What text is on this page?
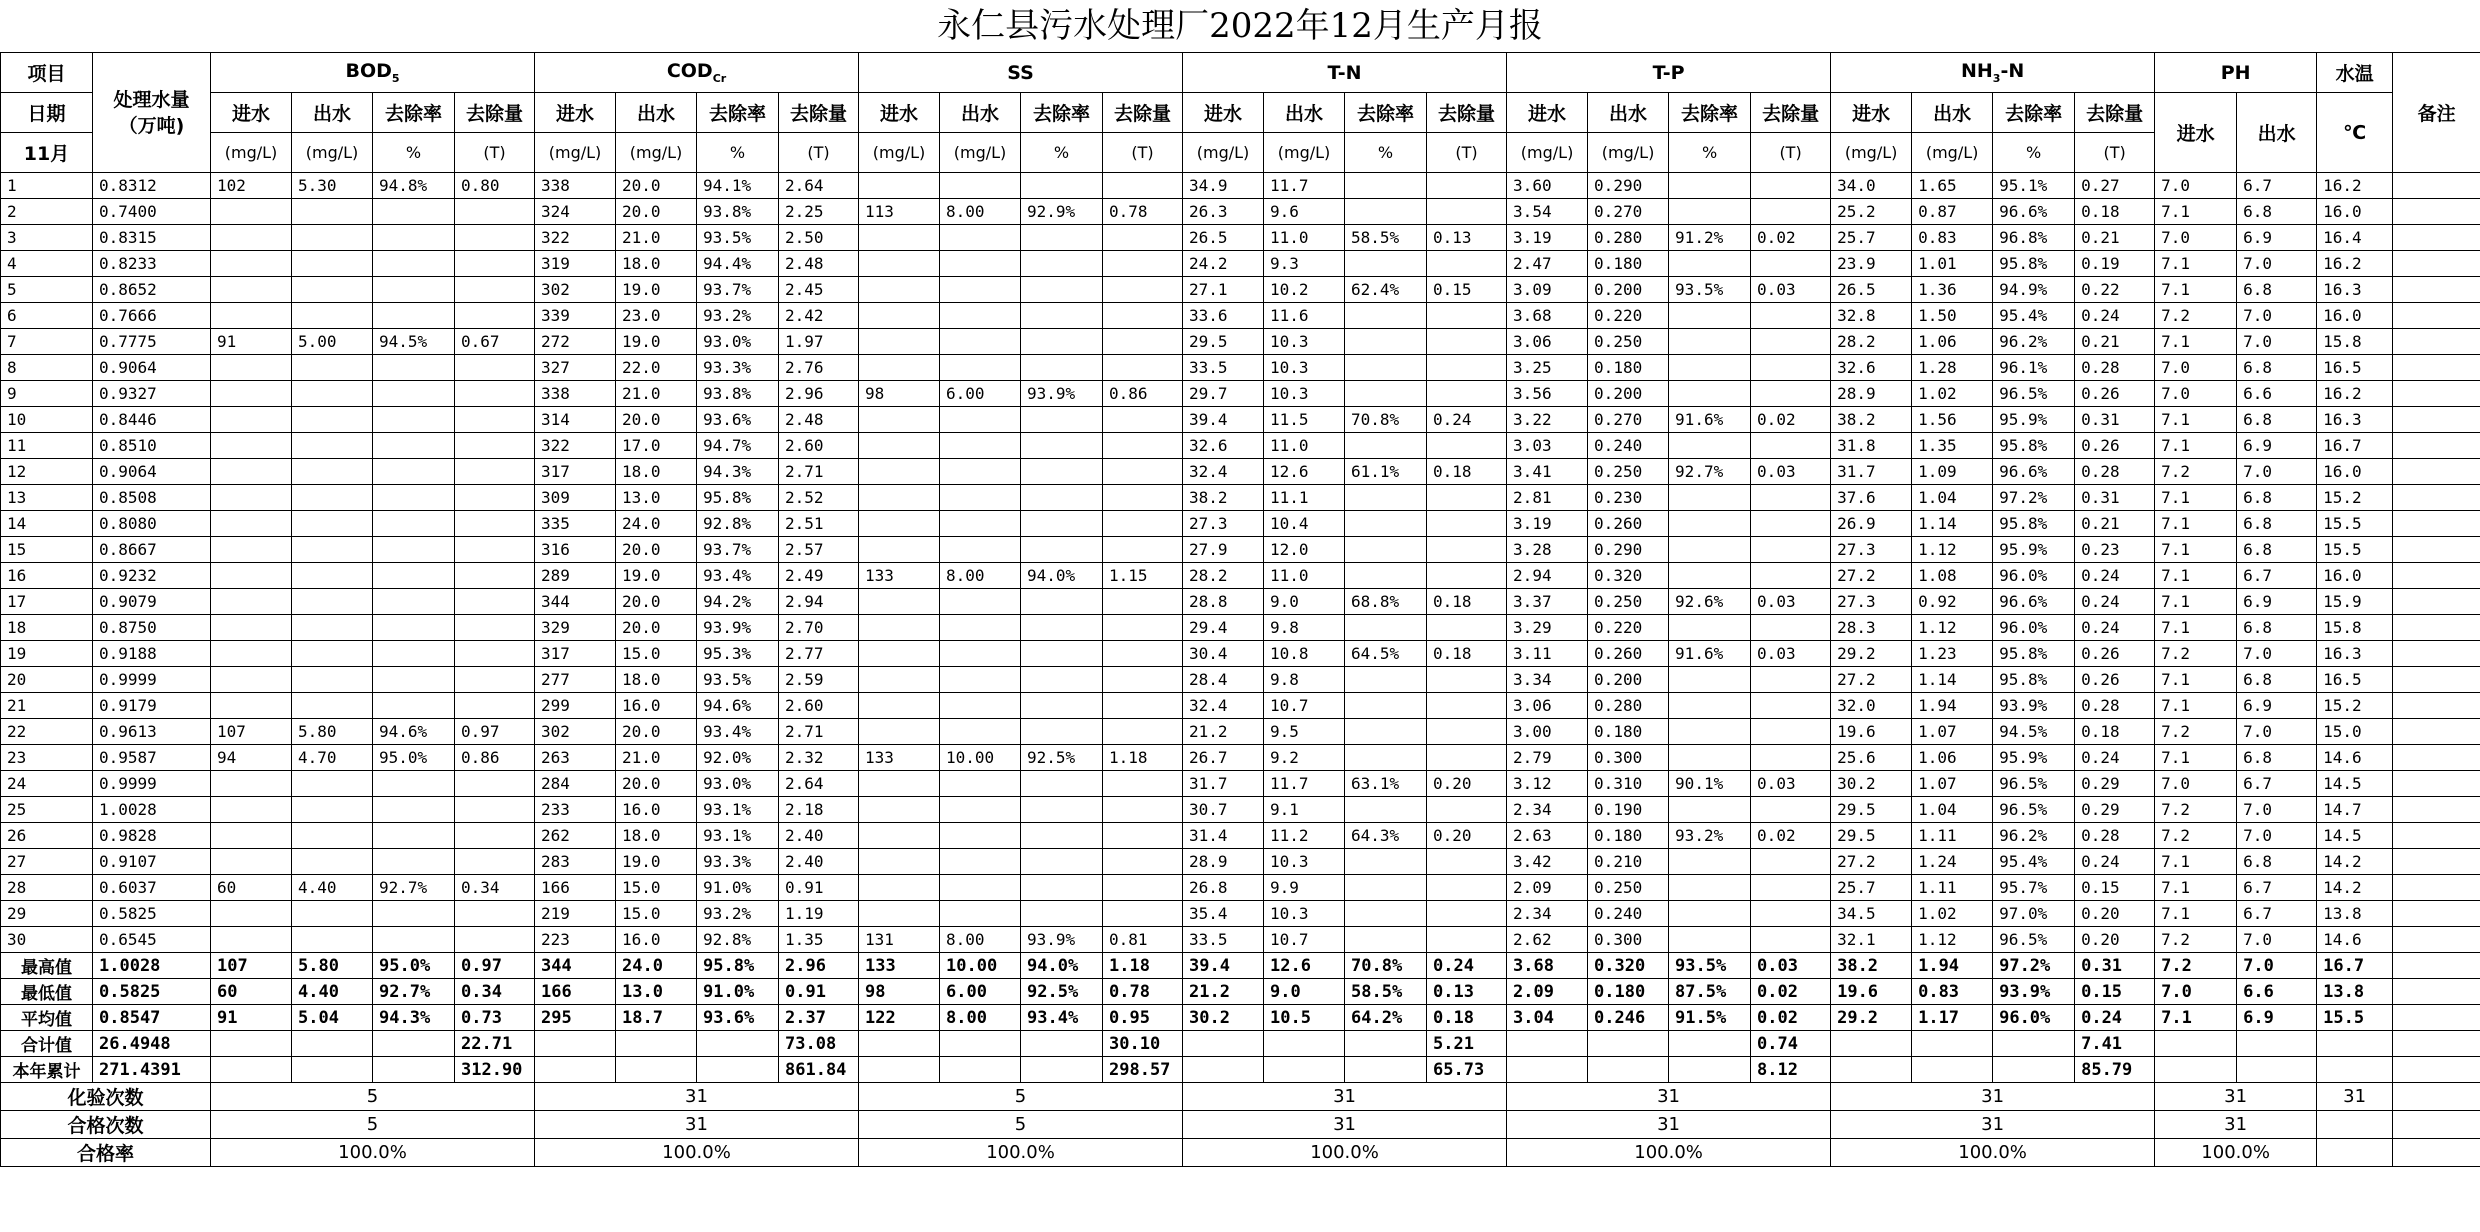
永仁县污水处理厂2022年12月生产月报
项目	处理水量（万吨)	$BOD_5$				$COD_{Cr}$				SS				T-N				T-P				$NH_3-N$				PH		水温	备注
日期		进水	出水	去除率	去除量	进水	出水	去除率	去除量	进水	出水	去除率	去除量	进水	出水	去除率	去除量	进水	出水	去除率	去除量	进水	出水	去除率	去除量	进水	出水	℃	
11月		(mg/L)	(mg/L)	%	(T)	(mg/L)	(mg/L)	%	(T)	(mg/L)	(mg/L)	%	(T)	(mg/L)	(mg/L)	%	(T)	(mg/L)	(mg/L)	%	(T)	(mg/L)	(mg/L)	%	(T)				
1	0.8312	102	5.30	94.8%	0.80	338	20.0	94.1%	2.64					34.9	11.7			3.60	0.290			34.0	1.65	95.1%	0.27	7.0	6.7	16.2	
2	0.7400					324	20.0	93.8%	2.25	113	8.00	92.9%	0.78	26.3	9.6			3.54	0.270			25.2	0.87	96.6%	0.18	7.1	6.8	16.0	
3	0.8315					322	21.0	93.5%	2.50					26.5	11.0	58.5%	0.13	3.19	0.280	91.2%	0.02	25.7	0.83	96.8%	0.21	7.0	6.9	16.4	
4	0.8233					319	18.0	94.4%	2.48					24.2	9.3			2.47	0.180			23.9	1.01	95.8%	0.19	7.1	7.0	16.2	
5	0.8652					302	19.0	93.7%	2.45					27.1	10.2	62.4%	0.15	3.09	0.200	93.5%	0.03	26.5	1.36	94.9%	0.22	7.1	6.8	16.3	
6	0.7666					339	23.0	93.2%	2.42					33.6	11.6			3.68	0.220			32.8	1.50	95.4%	0.24	7.2	7.0	16.0	
7	0.7775	91	5.00	94.5%	0.67	272	19.0	93.0%	1.97					29.5	10.3			3.06	0.250			28.2	1.06	96.2%	0.21	7.1	7.0	15.8	
8	0.9064					327	22.0	93.3%	2.76					33.5	10.3			3.25	0.180			32.6	1.28	96.1%	0.28	7.0	6.8	16.5	
9	0.9327					338	21.0	93.8%	2.96	98	6.00	93.9%	0.86	29.7	10.3			3.56	0.200			28.9	1.02	96.5%	0.26	7.0	6.6	16.2	
10	0.8446					314	20.0	93.6%	2.48					39.4	11.5	70.8%	0.24	3.22	0.270	91.6%	0.02	38.2	1.56	95.9%	0.31	7.1	6.8	16.3	
11	0.8510					322	17.0	94.7%	2.60					32.6	11.0			3.03	0.240			31.8	1.35	95.8%	0.26	7.1	6.9	16.7	
12	0.9064					317	18.0	94.3%	2.71					32.4	12.6	61.1%	0.18	3.41	0.250	92.7%	0.03	31.7	1.09	96.6%	0.28	7.2	7.0	16.0	
13	0.8508					309	13.0	95.8%	2.52					38.2	11.1			2.81	0.230			37.6	1.04	97.2%	0.31	7.1	6.8	15.2	
14	0.8080					335	24.0	92.8%	2.51					27.3	10.4			3.19	0.260			26.9	1.14	95.8%	0.21	7.1	6.8	15.5	
15	0.8667					316	20.0	93.7%	2.57					27.9	12.0			3.28	0.290			27.3	1.12	95.9%	0.23	7.1	6.8	15.5	
16	0.9232					289	19.0	93.4%	2.49	133	8.00	94.0%	1.15	28.2	11.0			2.94	0.320			27.2	1.08	96.0%	0.24	7.1	6.7	16.0	
17	0.9079					344	20.0	94.2%	2.94					28.8	9.0	68.8%	0.18	3.37	0.250	92.6%	0.03	27.3	0.92	96.6%	0.24	7.1	6.9	15.9	
18	0.8750					329	20.0	93.9%	2.70					29.4	9.8			3.29	0.220			28.3	1.12	96.0%	0.24	7.1	6.8	15.8	
19	0.9188					317	15.0	95.3%	2.77					30.4	10.8	64.5%	0.18	3.11	0.260	91.6%	0.03	29.2	1.23	95.8%	0.26	7.2	7.0	16.3	
20	0.9999					277	18.0	93.5%	2.59					28.4	9.8			3.34	0.200			27.2	1.14	95.8%	0.26	7.1	6.8	16.5	
21	0.9179					299	16.0	94.6%	2.60					32.4	10.7			3.06	0.280			32.0	1.94	93.9%	0.28	7.1	6.9	15.2	
22	0.9613	107	5.80	94.6%	0.97	302	20.0	93.4%	2.71					21.2	9.5			3.00	0.180			19.6	1.07	94.5%	0.18	7.2	7.0	15.0	
23	0.9587	94	4.70	95.0%	0.86	263	21.0	92.0%	2.32	133	10.00	92.5%	1.18	26.7	9.2			2.79	0.300			25.6	1.06	95.9%	0.24	7.1	6.8	14.6	
24	0.9999					284	20.0	93.0%	2.64					31.7	11.7	63.1%	0.20	3.12	0.310	90.1%	0.03	30.2	1.07	96.5%	0.29	7.0	6.7	14.5	
25	1.0028					233	16.0	93.1%	2.18					30.7	9.1			2.34	0.190			29.5	1.04	96.5%	0.29	7.2	7.0	14.7	
26	0.9828					262	18.0	93.1%	2.40					31.4	11.2	64.3%	0.20	2.63	0.180	93.2%	0.02	29.5	1.11	96.2%	0.28	7.2	7.0	14.5	
27	0.9107					283	19.0	93.3%	2.40					28.9	10.3			3.42	0.210			27.2	1.24	95.4%	0.24	7.1	6.8	14.2	
28	0.6037	60	4.40	92.7%	0.34	166	15.0	91.0%	0.91					26.8	9.9			2.09	0.250			25.7	1.11	95.7%	0.15	7.1	6.7	14.2	
29	0.5825					219	15.0	93.2%	1.19					35.4	10.3			2.34	0.240			34.5	1.02	97.0%	0.20	7.1	6.7	13.8	
30	0.6545					223	16.0	92.8%	1.35	131	8.00	93.9%	0.81	33.5	10.7			2.62	0.300			32.1	1.12	96.5%	0.20	7.2	7.0	14.6	
最高值	1.0028	107	5.80	95.0%	0.97	344	24.0	95.8%	2.96	133	10.00	94.0%	1.18	39.4	12.6	70.8%	0.24	3.68	0.320	93.5%	0.03	38.2	1.94	97.2%	0.31	7.2	7.0	16.7	
最低值	0.5825	60	4.40	92.7%	0.34	166	13.0	91.0%	0.91	98	6.00	92.5%	0.78	21.2	9.0	58.5%	0.13	2.09	0.180	87.5%	0.02	19.6	0.83	93.9%	0.15	7.0	6.6	13.8	
平均值	0.8547	91	5.04	94.3%	0.73	295	18.7	93.6%	2.37	122	8.00	93.4%	0.95	30.2	10.5	64.2%	0.18	3.04	0.246	91.5%	0.02	29.2	1.17	96.0%	0.24	7.1	6.9	15.5	
合计值	26.4948				22.71				73.08				30.10				5.21				0.74				7.41				
本年累计	271.4391				312.90				861.84				298.57				65.73				8.12				85.79				
化验次数		5				31				5				31				31				31				31		31	
合格次数		5				31				5				31				31				31				31			
合格率		100.0%				100.0%				100.0%				100.0%				100.0%				100.0%				100.0%			
